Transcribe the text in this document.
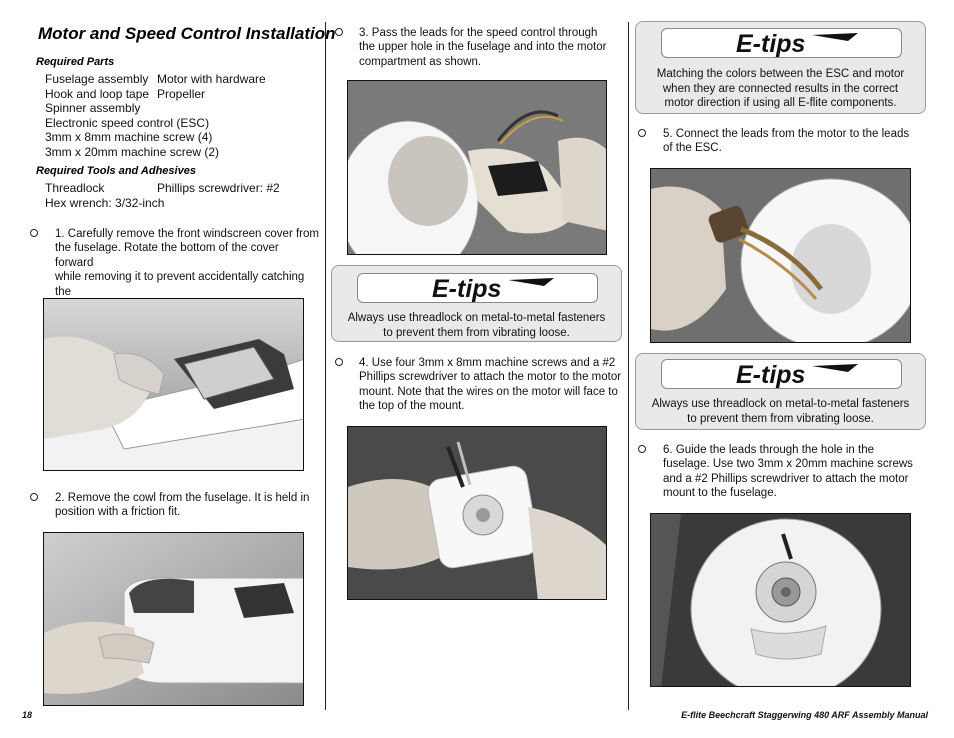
Motor and Speed Control Installation
Required Parts
Fuselage assembly Motor with hardware
Hook and loop tape Propeller
Spinner assembly
Electronic speed control (ESC)
3mm x 8mm machine screw (4)
3mm x 20mm machine screw (2)
Required Tools and Adhesives
Threadlock	Phillips screwdriver: #2
Hex wrench: 3/32-inch
1. Carefully remove the front windscreen cover from
the fuselage. Rotate the bottom of the cover forward
while removing it to prevent accidentally catching the
2. Remove the cowl from the fuselage. It is held in
position with a friction fit.
3. Pass the leads for the speed control through
the upper hole in the fuselage and into the motor
compartment as shown.
E-tips
Always use threadlock on metal-to-metal fasteners
to prevent them from vibrating loose.
4. Use four 3mm x 8mm machine screws and a #2
Phillips screwdriver to attach the motor to the motor
mount. Note that the wires on the motor will face to
the top of the mount.
E-tips
Matching the colors between the ESC and motor
when they are connected results in the correct
motor direction if using all E-flite components.
5. Connect the leads from the motor to the leads
of the ESC.
E-tips
Always use threadlock on metal-to-metal fasteners
to prevent them from vibrating loose.
6. Guide the leads through the hole in the
fuselage. Use two 3mm x 20mm machine screws
and a #2 Phillips screwdriver to attach the motor
mount to the fuselage.
18	E-flite Beechcraft Staggerwing 480 ARF Assembly Manual
